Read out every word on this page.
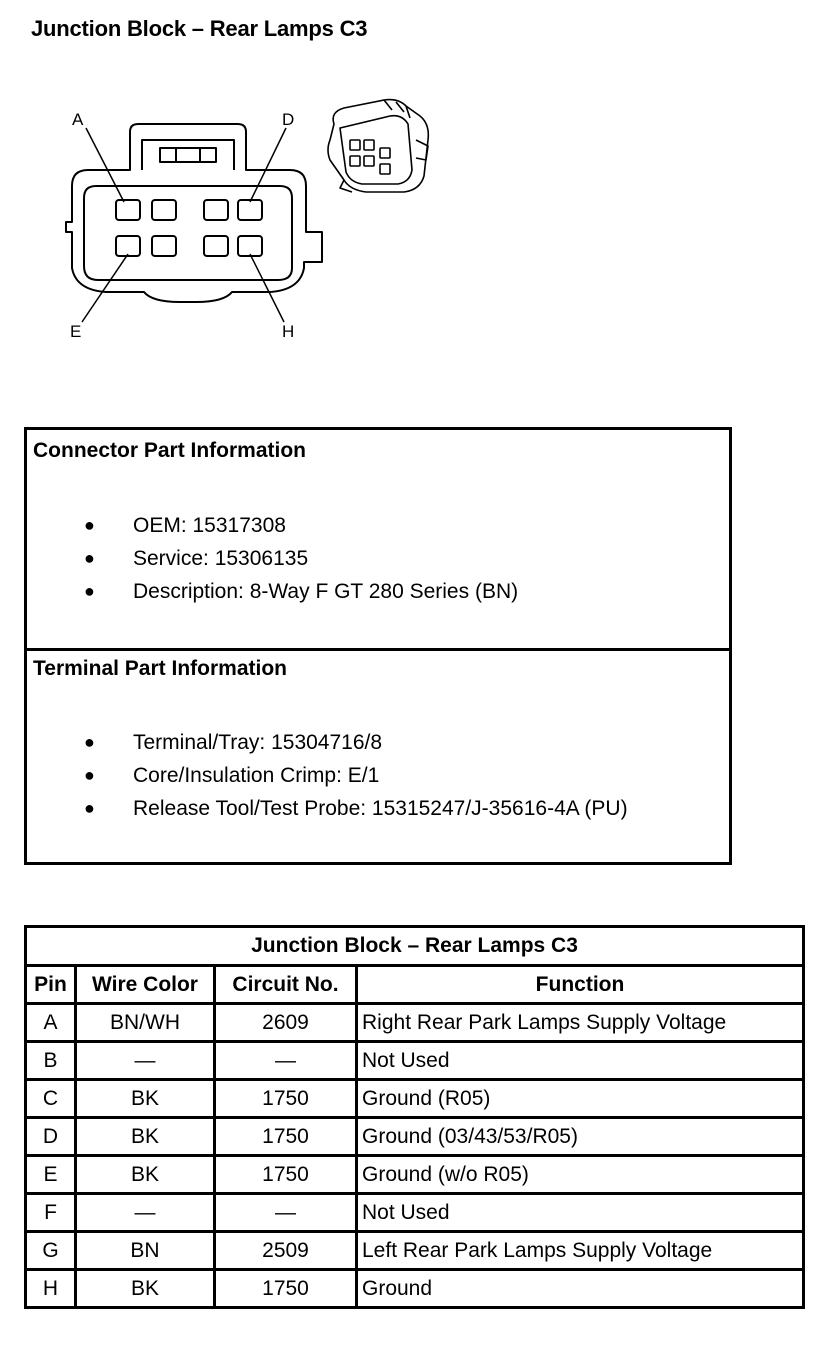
Junction Block – Rear Lamps C3
A	D
E	H
Connector Part Information
● OEM: 15317308
● Service: 15306135
● Description: 8-Way F GT 280 Series (BN)
Terminal Part Information
● Terminal/Tray: 15304716/8
● Core/Insulation Crimp: E/1
● Release Tool/Test Probe: 15315247/J-35616-4A (PU)
Junction Block – Rear Lamps C3			
Pin	Wire Color	Circuit No.	Function
A	BN/WH	2609	Right Rear Park Lamps Supply Voltage
B	—	—	Not Used
C	BK	1750	Ground (R05)
D	BK	1750	Ground (03/43/53/R05)
E	BK	1750	Ground (w/o R05)
F	—	—	Not Used
G	BN	2509	Left Rear Park Lamps Supply Voltage
H	BK	1750	Ground
